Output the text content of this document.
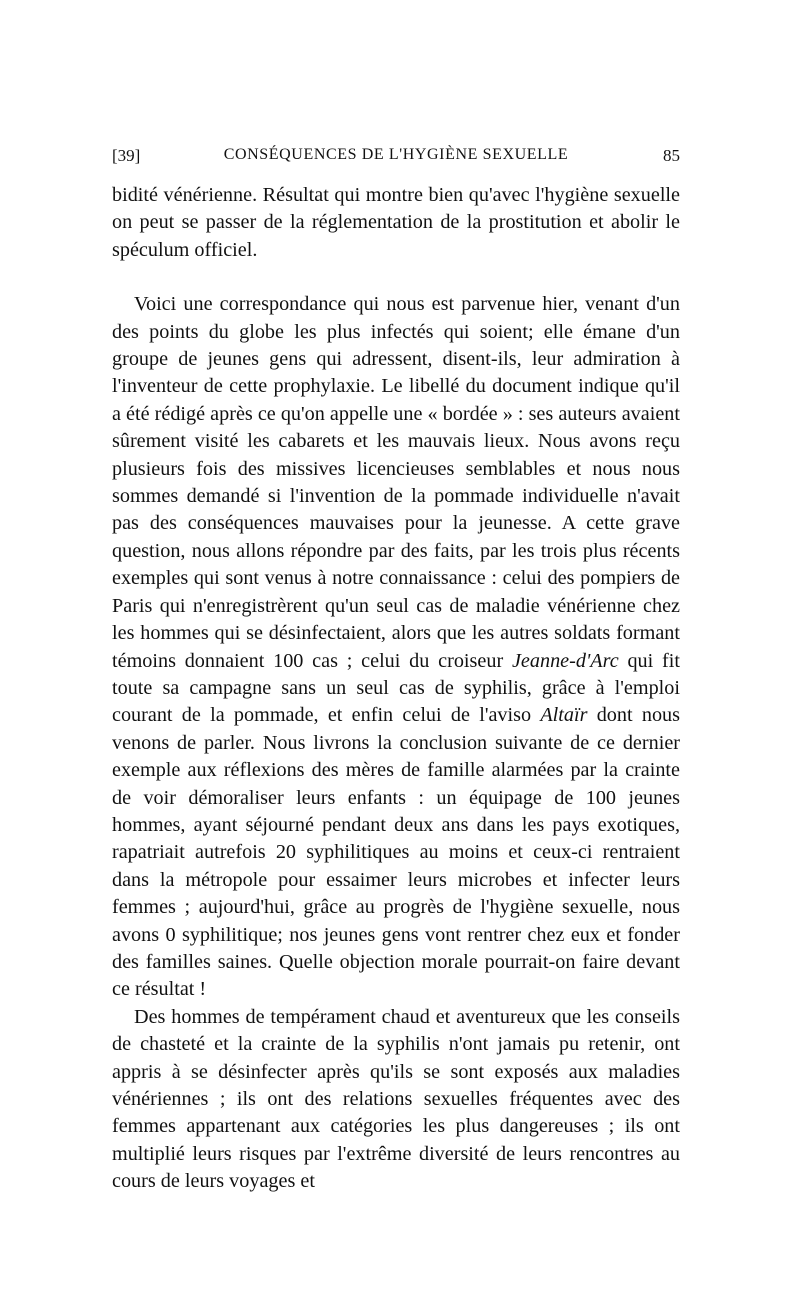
[39]	CONSÉQUENCES DE L'HYGIÈNE SEXUELLE	85

bidité vénérienne. Résultat qui montre bien qu'avec l'hygiène sexuelle on peut se passer de la réglementation de la prostitution et abolir le spéculum officiel.

Voici une correspondance qui nous est parvenue hier, venant d'un des points du globe les plus infectés qui soient; elle émane d'un groupe de jeunes gens qui adressent, disent-ils, leur admiration à l'inventeur de cette prophylaxie. Le libellé du document indique qu'il a été rédigé après ce qu'on appelle une « bordée » : ses auteurs avaient sûrement visité les cabarets et les mauvais lieux. Nous avons reçu plusieurs fois des missives licencieuses semblables et nous nous sommes demandé si l'invention de la pommade individuelle n'avait pas des conséquences mauvaises pour la jeunesse. A cette grave question, nous allons répondre par des faits, par les trois plus récents exemples qui sont venus à notre connaissance : celui des pompiers de Paris qui n'enregistrèrent qu'un seul cas de maladie vénérienne chez les hommes qui se désinfectaient, alors que les autres soldats formant témoins donnaient 100 cas ; celui du croiseur Jeanne-d'Arc qui fit toute sa campagne sans un seul cas de syphilis, grâce à l'emploi courant de la pommade, et enfin celui de l'aviso Altaïr dont nous venons de parler. Nous livrons la conclusion suivante de ce dernier exemple aux réflexions des mères de famille alarmées par la crainte de voir démoraliser leurs enfants : un équipage de 100 jeunes hommes, ayant séjourné pendant deux ans dans les pays exotiques, rapatriait autrefois 20 syphilitiques au moins et ceux-ci rentraient dans la métropole pour essaimer leurs microbes et infecter leurs femmes ; aujourd'hui, grâce au progrès de l'hygiène sexuelle, nous avons 0 syphilitique; nos jeunes gens vont rentrer chez eux et fonder des familles saines. Quelle objection morale pourrait-on faire devant ce résultat !

Des hommes de tempérament chaud et aventureux que les conseils de chasteté et la crainte de la syphilis n'ont jamais pu retenir, ont appris à se désinfecter après qu'ils se sont exposés aux maladies vénériennes ; ils ont des relations sexuelles fréquentes avec des femmes appartenant aux catégories les plus dangereuses ; ils ont multiplié leurs risques par l'extrême diversité de leurs rencontres au cours de leurs voyages et
